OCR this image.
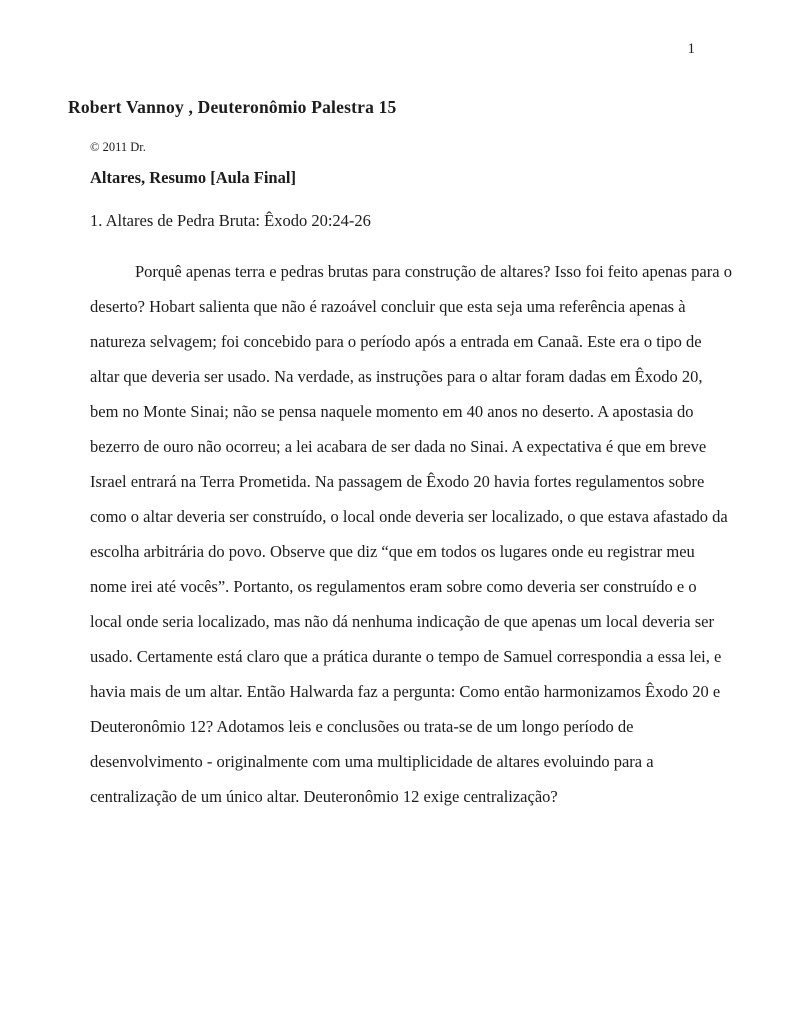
1
Robert Vannoy , Deuteronômio Palestra 15
© 2011 Dr.
Altares, Resumo [Aula Final]
1. Altares de Pedra Bruta: Êxodo 20:24-26

Porquê apenas terra e pedras brutas para construção de altares? Isso foi feito apenas para o deserto? Hobart salienta que não é razoável concluir que esta seja uma referência apenas à natureza selvagem; foi concebido para o período após a entrada em Canaã. Este era o tipo de altar que deveria ser usado. Na verdade, as instruções para o altar foram dadas em Êxodo 20, bem no Monte Sinai; não se pensa naquele momento em 40 anos no deserto. A apostasia do bezerro de ouro não ocorreu; a lei acabara de ser dada no Sinai. A expectativa é que em breve Israel entrará na Terra Prometida. Na passagem de Êxodo 20 havia fortes regulamentos sobre como o altar deveria ser construído, o local onde deveria ser localizado, o que estava afastado da escolha arbitrária do povo. Observe que diz “que em todos os lugares onde eu registrar meu nome irei até vocês”. Portanto, os regulamentos eram sobre como deveria ser construído e o local onde seria localizado, mas não dá nenhuma indicação de que apenas um local deveria ser usado. Certamente está claro que a prática durante o tempo de Samuel correspondia a essa lei, e havia mais de um altar. Então Halwarda faz a pergunta: Como então harmonizamos Êxodo 20 e Deuteronômio 12? Adotamos leis e conclusões ou trata-se de um longo período de desenvolvimento - originalmente com uma multiplicidade de altares evoluindo para a centralização de um único altar. Deuteronômio 12 exige centralização?
